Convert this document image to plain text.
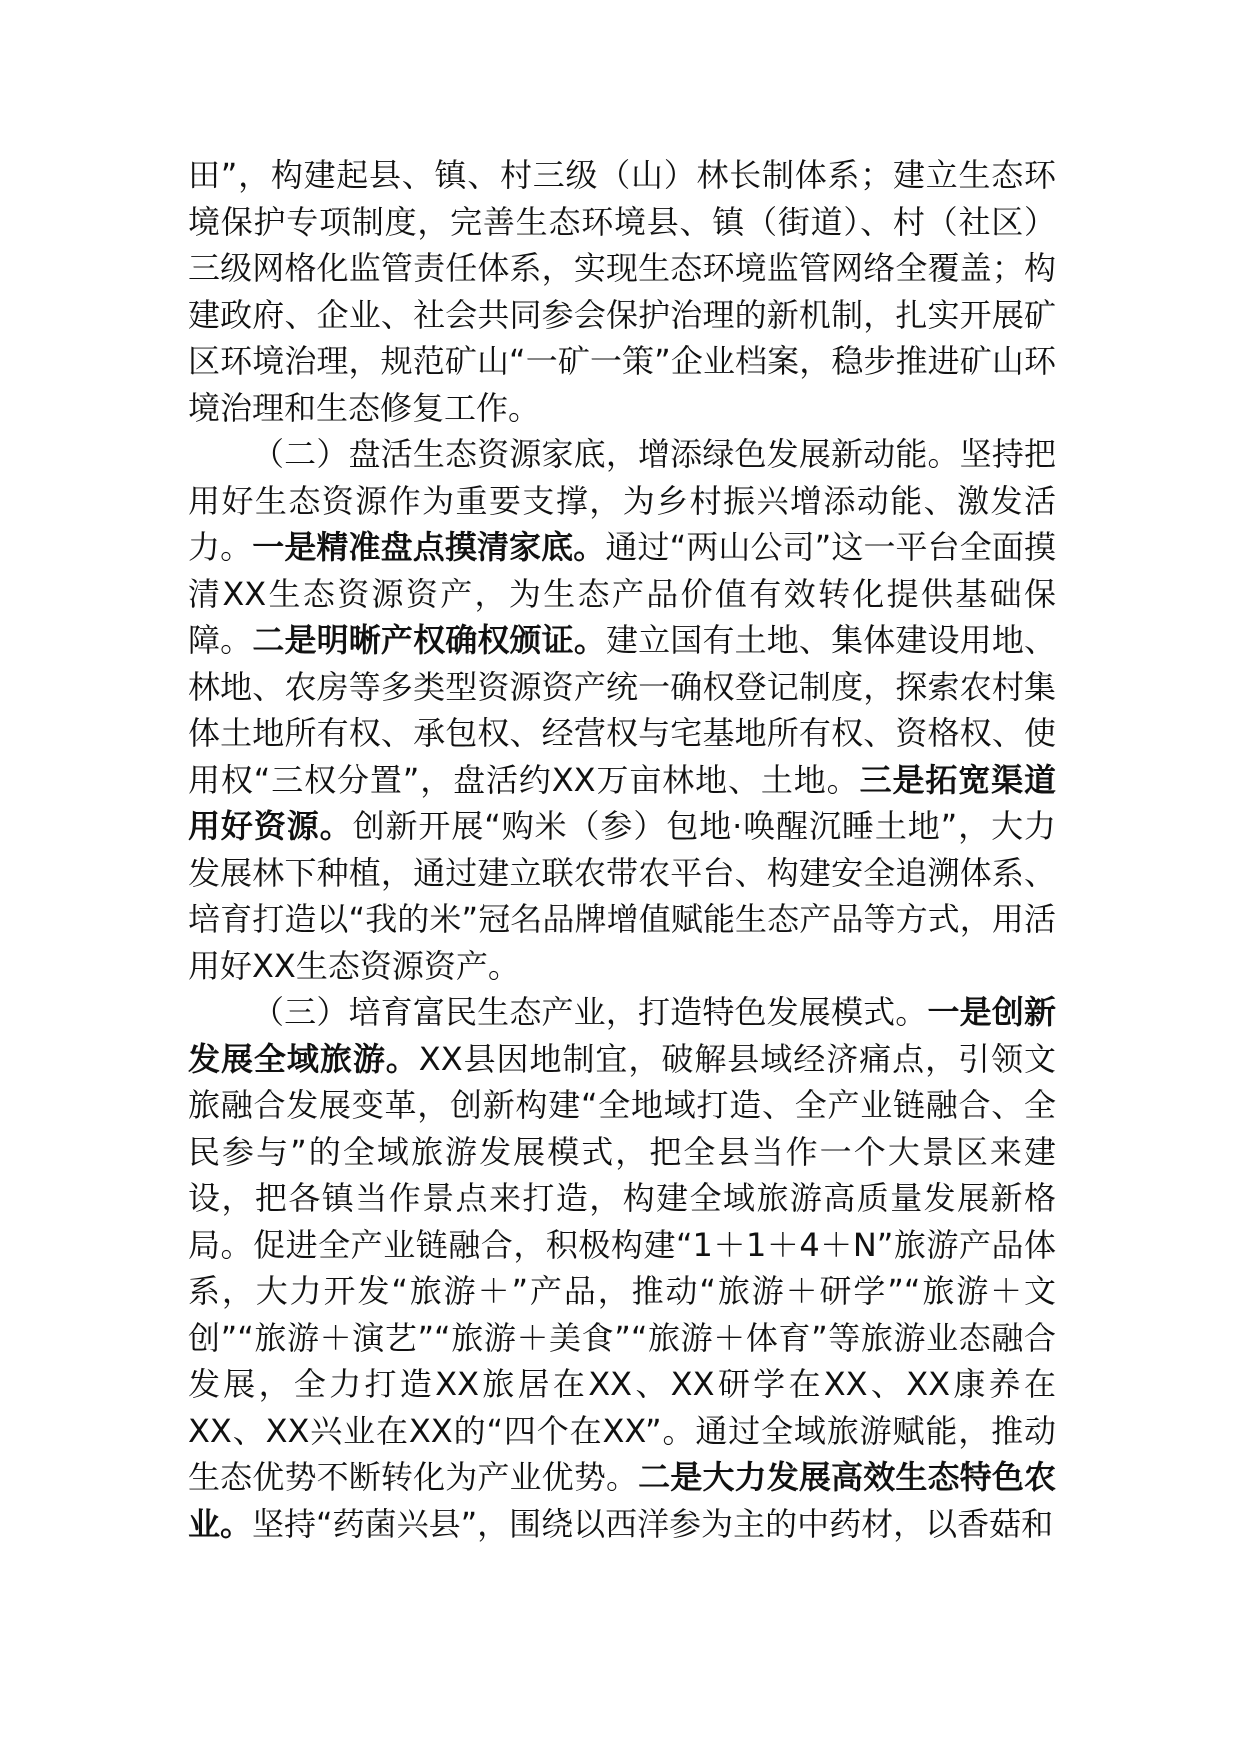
田”，构建起县、镇、村三级（山）林长制体系；建立生态环境保护专项制度，完善生态环境县、镇（街道）、村（社区）三级网格化监管责任体系，实现生态环境监管网络全覆盖；构建政府、企业、社会共同参会保护治理的新机制，扎实开展矿区环境治理，规范矿山“一矿一策”企业档案，稳步推进矿山环境治理和生态修复工作。

（二）盘活生态资源家底，增添绿色发展新动能。坚持把用好生态资源作为重要支撑，为乡村振兴增添动能、激发活力。一是精准盘点摸清家底。通过“两山公司”这一平台全面摸清XX生态资源资产，为生态产品价值有效转化提供基础保障。二是明晰产权确权颁证。建立国有土地、集体建设用地、林地、农房等多类型资源资产统一确权登记制度，探索农村集体土地所有权、承包权、经营权与宅基地所有权、资格权、使用权“三权分置”，盘活约XX万亩林地、土地。三是拓宽渠道用好资源。创新开展“购米（参）包地·唤醒沉睡土地”，大力发展林下种植，通过建立联农带农平台、构建安全追溯体系、培育打造以“我的米”冠名品牌增值赋能生态产品等方式，用活用好XX生态资源资产。

（三）培育富民生态产业，打造特色发展模式。一是创新发展全域旅游。XX县因地制宜，破解县域经济痛点，引领文旅融合发展变革，创新构建“全地域打造、全产业链融合、全民参与”的全域旅游发展模式，把全县当作一个大景区来建设，把各镇当作景点来打造，构建全域旅游高质量发展新格局。促进全产业链融合，积极构建“1＋1＋4＋N”旅游产品体系，大力开发“旅游＋”产品，推动“旅游＋研学”“旅游＋文创”“旅游＋演艺”“旅游＋美食”“旅游＋体育”等旅游业态融合发展，全力打造XX旅居在XX、XX研学在XX、XX康养在XX、XX兴业在XX的“四个在XX”。通过全域旅游赋能，推动生态优势不断转化为产业优势。二是大力发展高效生态特色农业。坚持“药菌兴县”，围绕以西洋参为主的中药材，以香菇和
